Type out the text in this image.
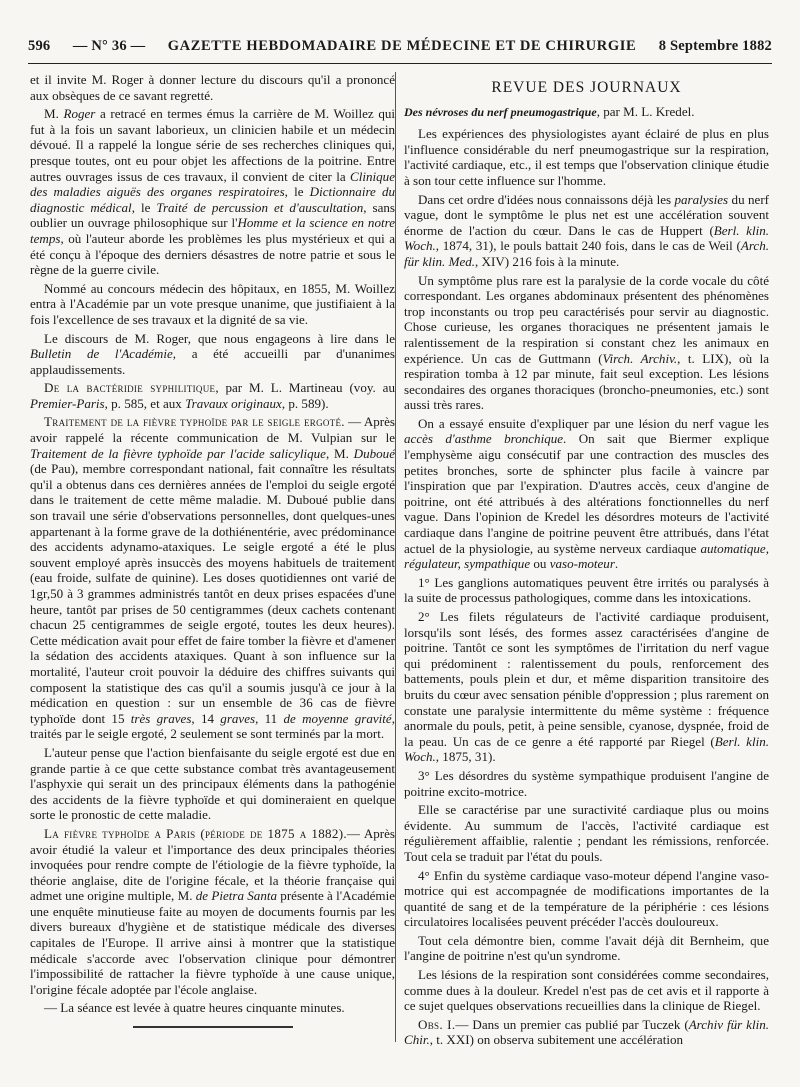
596 — N° 36 — GAZETTE HEBDOMADAIRE DE MÉDECINE ET DE CHIRURGIE 8 Septembre 1882

et il invite M. Roger à donner lecture du discours qu'il a prononcé aux obsèques de ce savant regretté.

M. Roger a retracé en termes émus la carrière de M. Woillez qui fut à la fois un savant laborieux, un clinicien habile et un médecin dévoué. Il a rappelé la longue série de ses recherches cliniques qui, presque toutes, ont eu pour objet les affections de la poitrine. Entre autres ouvrages issus de ces travaux, il convient de citer la Clinique des maladies aiguës des organes respiratoires, le Dictionnaire du diagnostic médical, le Traité de percussion et d'auscultation, sans oublier un ouvrage philosophique sur l'Homme et la science en notre temps, où l'auteur aborde les problèmes les plus mystérieux et qui a été conçu à l'époque des derniers désastres de notre patrie et sous le règne de la guerre civile.

Nommé au concours médecin des hôpitaux, en 1855, M. Woillez entra à l'Académie par un vote presque unanime, que justifiaient à la fois l'excellence de ses travaux et la dignité de sa vie.

Le discours de M. Roger, que nous engageons à lire dans le Bulletin de l'Académie, a été accueilli par d'unanimes applaudissements.

De la bactéridie syphilitique, par M. L. Martineau (voy. au Premier-Paris, p. 585, et aux Travaux originaux, p. 589).

Traitement de la fièvre typhoïde par le seigle ergoté. — Après avoir rappelé la récente communication de M. Vulpian sur le Traitement de la fièvre typhoïde par l'acide salicylique, M. Duboué (de Pau), membre correspondant national, fait connaître les résultats qu'il a obtenus dans ces dernières années de l'emploi du seigle ergoté dans le traitement de cette même maladie. M. Duboué publie dans son travail une série d'observations personnelles, dont quelques-unes appartenant à la forme grave de la dothiénentérie, avec prédominance des accidents adynamo-ataxiques. Le seigle ergoté a été le plus souvent employé après insuccès des moyens habituels de traitement (eau froide, sulfate de quinine). Les doses quotidiennes ont varié de 1gr,50 à 3 grammes administrés tantôt en deux prises espacées d'une heure, tantôt par prises de 50 centigrammes (deux cachets contenant chacun 25 centigrammes de seigle ergoté, toutes les deux heures). Cette médication avait pour effet de faire tomber la fièvre et d'amener la sédation des accidents ataxiques. Quant à son influence sur la mortalité, l'auteur croit pouvoir la déduire des chiffres suivants qui composent la statistique des cas qu'il a soumis jusqu'à ce jour à la médication en question : sur un ensemble de 36 cas de fièvre typhoïde dont 15 très graves, 14 graves, 11 de moyenne gravité, traités par le seigle ergoté, 2 seulement se sont terminés par la mort.

L'auteur pense que l'action bienfaisante du seigle ergoté est due en grande partie à ce que cette substance combat très avantageusement l'asphyxie qui serait un des principaux éléments dans la pathogénie des accidents de la fièvre typhoïde et qui domineraient en quelque sorte le pronostic de cette maladie.

La fièvre typhoïde a Paris (période de 1875 a 1882).— Après avoir étudié la valeur et l'importance des deux principales théories invoquées pour rendre compte de l'étiologie de la fièvre typhoïde, la théorie anglaise, dite de l'origine fécale, et la théorie française qui admet une origine multiple, M. de Pietra Santa présente à l'Académie une enquête minutieuse faite au moyen de documents fournis par les divers bureaux d'hygiène et de statistique médicale des diverses capitales de l'Europe. Il arrive ainsi à montrer que la statistique médicale s'accorde avec l'observation clinique pour démontrer l'impossibilité de rattacher la fièvre typhoïde à une cause unique, l'origine fécale adoptée par l'école anglaise.

— La séance est levée à quatre heures cinquante minutes.

REVUE DES JOURNAUX

Des névroses du nerf pneumogastrique, par M. L. Kredel.

Les expériences des physiologistes ayant éclairé de plus en plus l'influence considérable du nerf pneumogastrique sur la respiration, l'activité cardiaque, etc., il est temps que l'observation clinique étudie à son tour cette influence sur l'homme.

Dans cet ordre d'idées nous connaissons déjà les paralysies du nerf vague, dont le symptôme le plus net est une accélération souvent énorme de l'action du cœur. Dans le cas de Huppert (Berl. klin. Woch., 1874, 31), le pouls battait 240 fois, dans le cas de Weil (Arch. für klin. Med., XIV) 216 fois à la minute.

Un symptôme plus rare est la paralysie de la corde vocale du côté correspondant. Les organes abdominaux présentent des phénomènes trop inconstants ou trop peu caractérisés pour servir au diagnostic. Chose curieuse, les organes thoraciques ne présentent jamais le ralentissement de la respiration si constant chez les animaux en expérience. Un cas de Guttmann (Virch. Archiv., t. LIX), où la respiration tomba à 12 par minute, fait seul exception. Les lésions secondaires des organes thoraciques (broncho-pneumonies, etc.) sont aussi très rares.

On a essayé ensuite d'expliquer par une lésion du nerf vague les accès d'asthme bronchique. On sait que Biermer explique l'emphysème aigu consécutif par une contraction des muscles des petites bronches, sorte de sphincter plus facile à vaincre par l'inspiration que par l'expiration. D'autres accès, ceux d'angine de poitrine, ont été attribués à des altérations fonctionnelles du nerf vague. Dans l'opinion de Kredel les désordres moteurs de l'activité cardiaque dans l'angine de poitrine peuvent être attribués, dans l'état actuel de la physiologie, au système nerveux cardiaque automatique, régulateur, sympathique ou vaso-moteur.

1° Les ganglions automatiques peuvent être irrités ou paralysés à la suite de processus pathologiques, comme dans les intoxications.

2° Les filets régulateurs de l'activité cardiaque produisent, lorsqu'ils sont lésés, des formes assez caractérisées d'angine de poitrine. Tantôt ce sont les symptômes de l'irritation du nerf vague qui prédominent : ralentissement du pouls, renforcement des battements, pouls plein et dur, et même disparition transitoire des bruits du cœur avec sensation pénible d'oppression ; plus rarement on constate une paralysie intermittente du même système : fréquence anormale du pouls, petit, à peine sensible, cyanose, dyspnée, froid de la peau. Un cas de ce genre a été rapporté par Riegel (Berl. klin. Woch., 1875, 31).

3° Les désordres du système sympathique produisent l'angine de poitrine excito-motrice.

Elle se caractérise par une suractivité cardiaque plus ou moins évidente. Au summum de l'accès, l'activité cardiaque est régulièrement affaiblie, ralentie ; pendant les rémissions, renforcée. Tout cela se traduit par l'état du pouls.

4° Enfin du système cardiaque vaso-moteur dépend l'angine vaso-motrice qui est accompagnée de modifications importantes de la quantité de sang et de la température de la périphérie : ces lésions circulatoires localisées peuvent précéder l'accès douloureux.

Tout cela démontre bien, comme l'avait déjà dit Bernheim, que l'angine de poitrine n'est qu'un syndrome.

Les lésions de la respiration sont considérées comme secondaires, comme dues à la douleur. Kredel n'est pas de cet avis et il rapporte à ce sujet quelques observations recueillies dans la clinique de Riegel.

Obs. I.— Dans un premier cas publié par Tuczek (Archiv für klin. Chir., t. XXI) on observa subitement une accélération
